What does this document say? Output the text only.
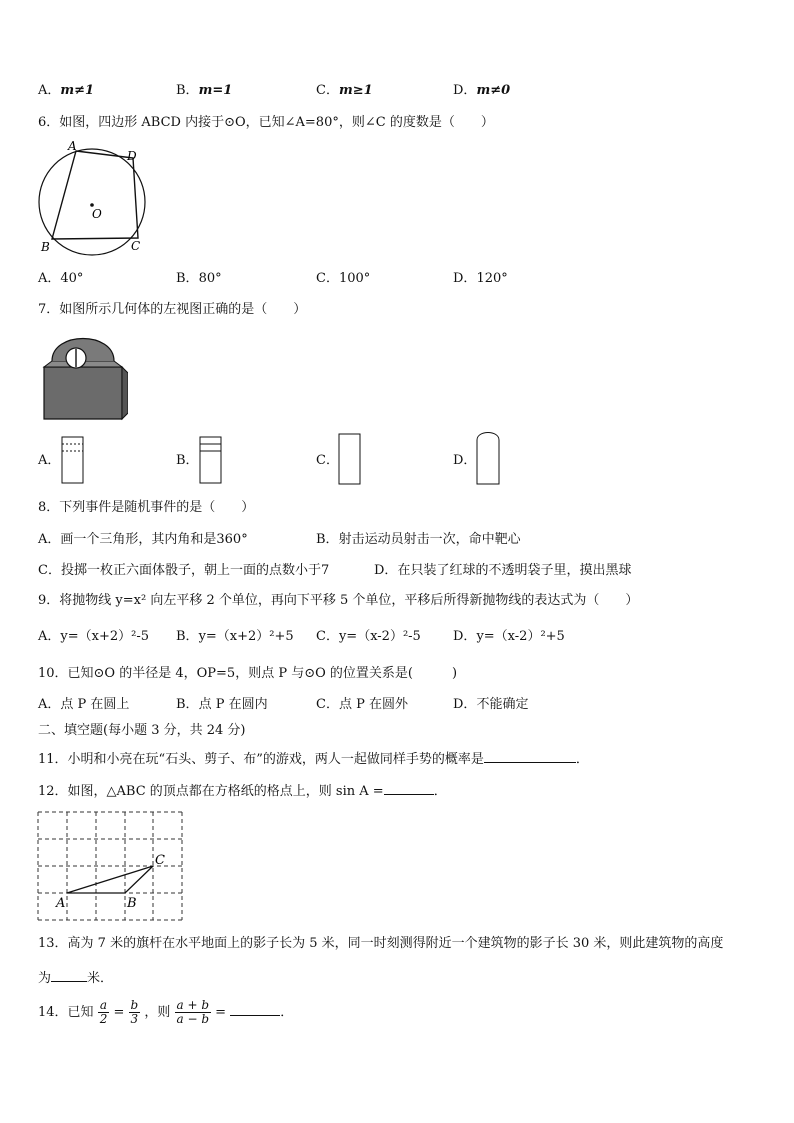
A．m≠1	B．m=1	C．m≥1	D．m≠0
6．如图，四边形 ABCD 内接于⊙O，已知∠A=80°，则∠C 的度数是（　　）
A
D
O
B	C
A．40°	B．80°	C．100°	D．120°
7．如图所示几何体的左视图正确的是（　　）
A．	B．	C．	D．
8．下列事件是随机事件的是（　　）
A．画一个三角形，其内角和是360°	B．射击运动员射击一次，命中靶心
C．投掷一枚正六面体骰子，朝上一面的点数小于7	D．在只装了红球的不透明袋子里，摸出黑球
9．将抛物线 y=x² 向左平移 2 个单位，再向下平移 5 个单位，平移后所得新抛物线的表达式为（　　）
A．y=（x+2）²-5 B．y=（x+2）²+5 C．y=（x-2）²-5 D．y=（x-2）²+5
10．已知⊙O 的半径是 4，OP=5，则点 P 与⊙O 的位置关系是(　　　)
A．点 P 在圆上	B．点 P 在圆内	C．点 P 在圆外	D．不能确定
二、填空题(每小题 3 分，共 24 分)
11．小明和小亮在玩“石头、剪子、布”的游戏，两人一起做同样手势的概率是	．
12．如图，△ABC 的顶点都在方格纸的格点上，则 sin A =	．
A	B
C
13．高为 7 米的旗杆在水平地面上的影子长为 5 米，同一时刻测得附近一个建筑物的影子长 30 米，则此建筑物的高度
为	米．
14．已知 $\frac{a}{2} = \frac{b}{3}$ ，则 $\frac{a + b}{a - b}$ =	．
